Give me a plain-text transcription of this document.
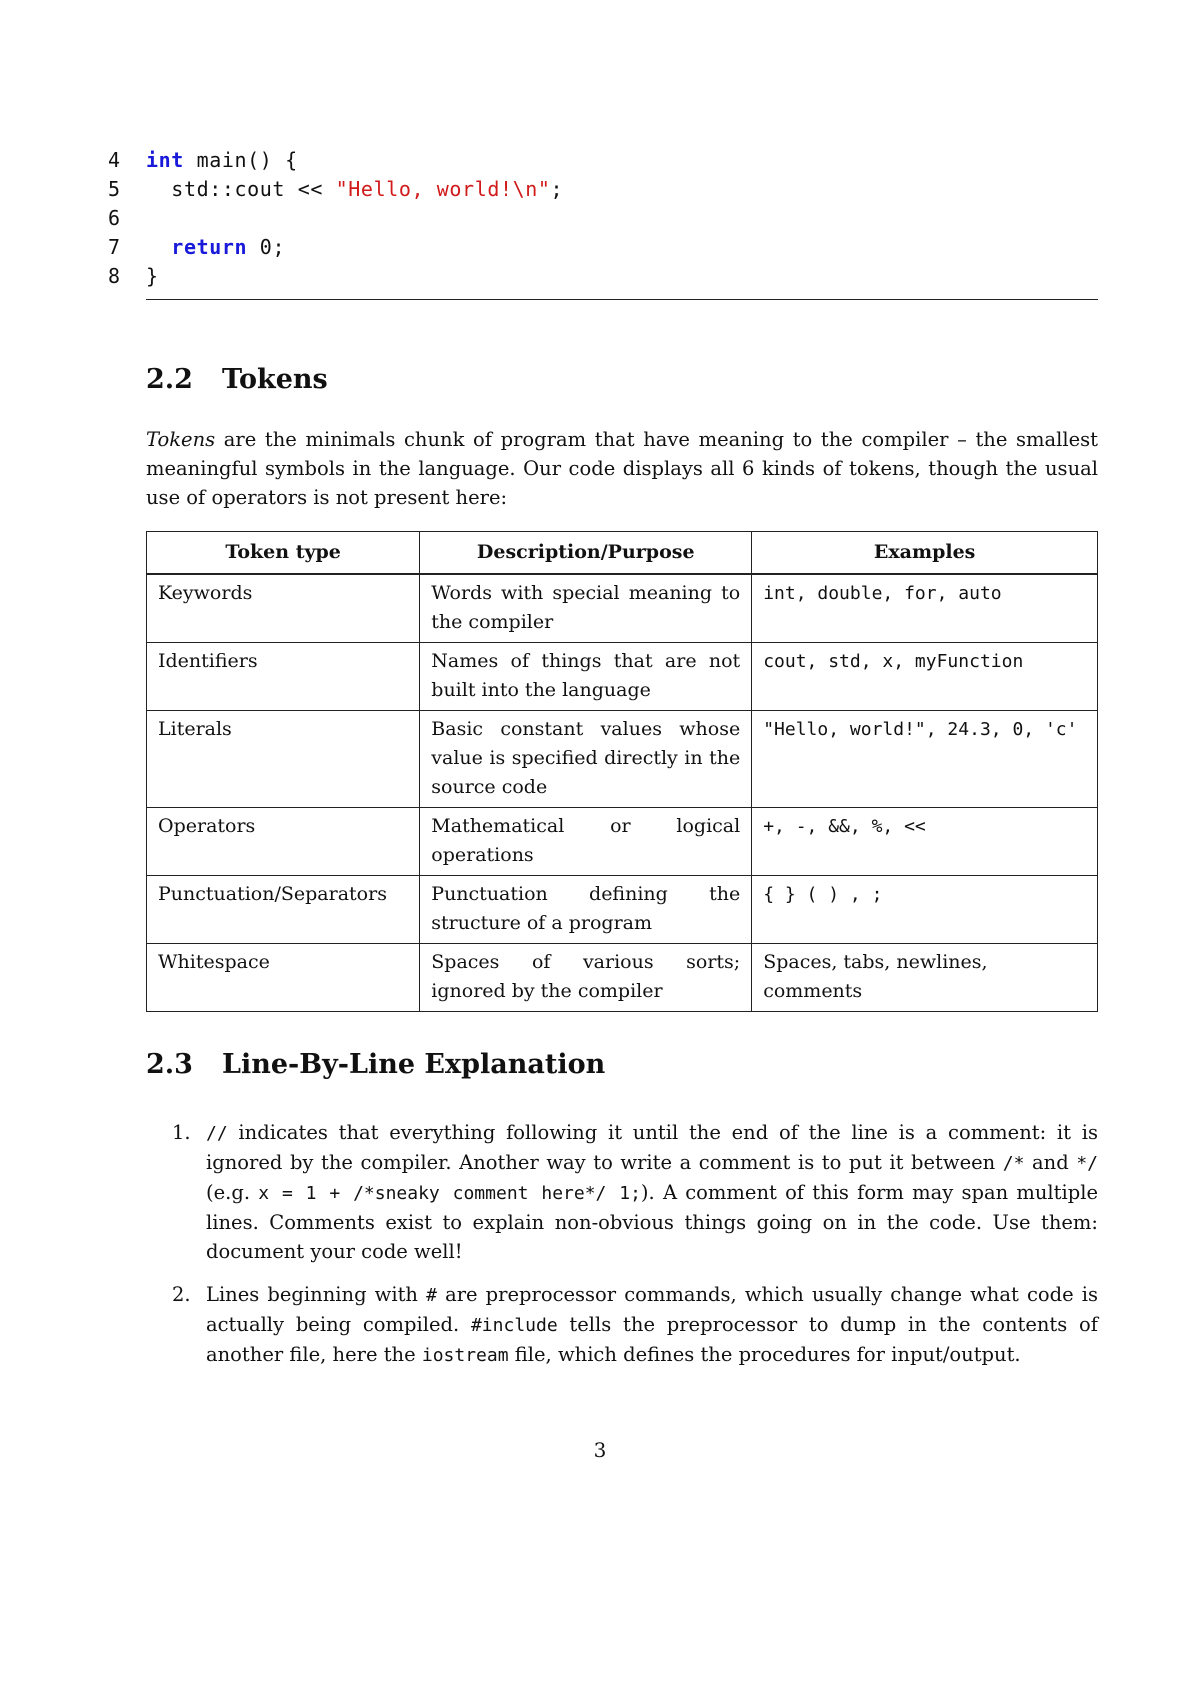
4 int main() {
5	std::cout << "Hello, world!\n";
6
7	return 0;
8 }
2.2 Tokens

Tokens are the minimals chunk of program that have meaning to the compiler – the smallest meaningful symbols in the language. Our code displays all 6 kinds of tokens, though the usual use of operators is not present here:

Token type	Description/Purpose	Examples
Keywords	Words with special meaning to the compiler	int, double, for, auto
Identifiers	Names of things that are not built into the language	cout, std, x, myFunction
Literals	Basic constant values whose value is specified directly in the source code	"Hello, world!", 24.3, 0, 'c'
Operators	Mathematical or logical operations	+, -, &&, %, <<
Punctuation/Separators	Punctuation defining the structure of a program	{ } ( ) , ;
Whitespace	Spaces of various sorts; ignored by the compiler	Spaces, tabs, newlines, comments
2.3 Line-By-Line Explanation
1. // indicates that everything following it until the end of the line is a comment: it is ignored by the compiler. Another way to write a comment is to put it between /* and */ (e.g. x = 1 + /*sneaky comment here*/ 1;). A comment of this form may span multiple lines. Comments exist to explain non-obvious things going on in the code. Use them: document your code well!
2. Lines beginning with # are preprocessor commands, which usually change what code is actually being compiled. #include tells the preprocessor to dump in the contents of another file, here the iostream file, which defines the procedures for input/output.
3
